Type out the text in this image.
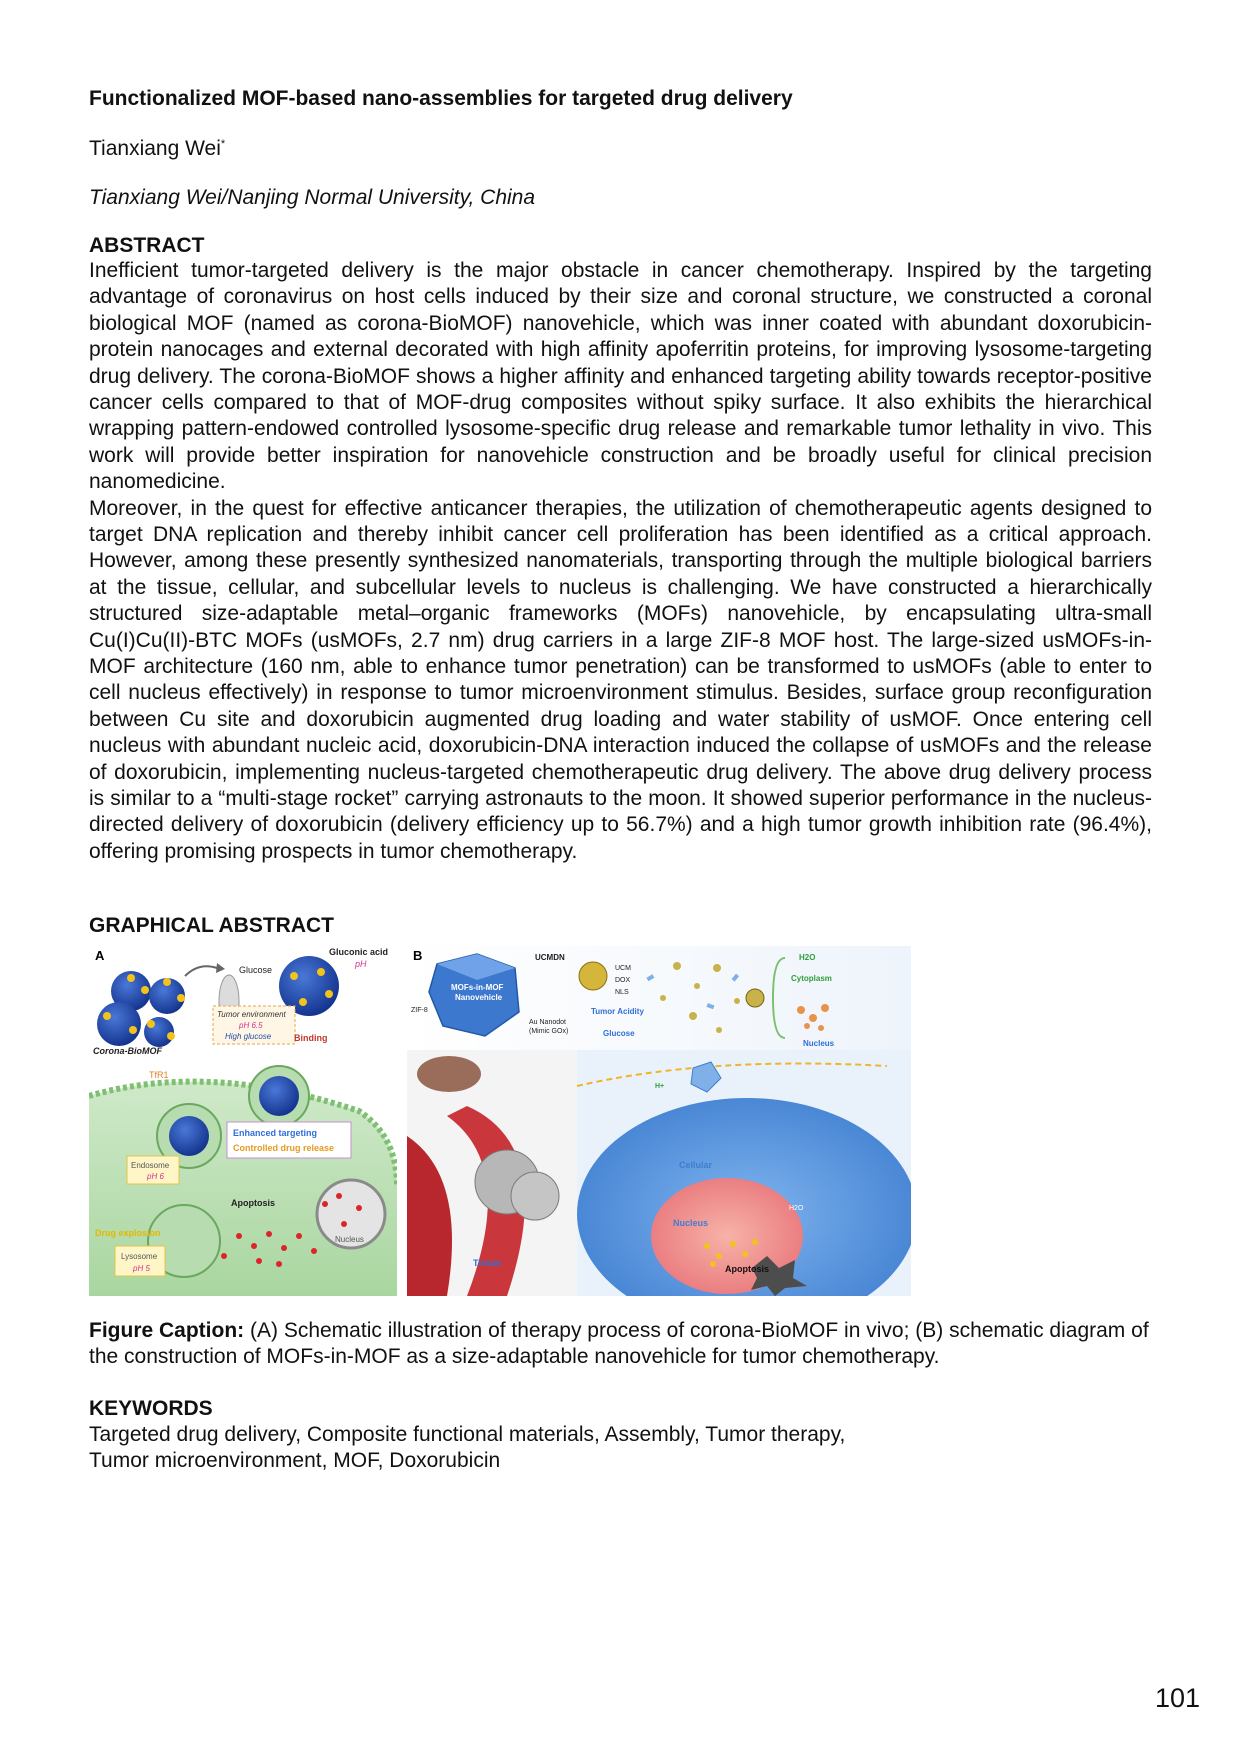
Functionalized MOF-based nano-assemblies for targeted drug delivery

Tianxiang Wei*

Tianxiang Wei/Nanjing Normal University, China

ABSTRACT

Inefficient tumor-targeted delivery is the major obstacle in cancer chemotherapy. Inspired by the targeting advantage of coronavirus on host cells induced by their size and coronal structure, we constructed a coronal biological MOF (named as corona-BioMOF) nanovehicle, which was inner coated with abundant doxorubicin-protein nanocages and external decorated with high affinity apoferritin proteins, for improving lysosome-targeting drug delivery. The corona-BioMOF shows a higher affinity and enhanced targeting ability towards receptor-positive cancer cells compared to that of MOF-drug composites without spiky surface. It also exhibits the hierarchical wrapping pattern-endowed controlled lysosome-specific drug release and remarkable tumor lethality in vivo. This work will provide better inspiration for nanovehicle construction and be broadly useful for clinical precision nanomedicine.

Moreover, in the quest for effective anticancer therapies, the utilization of chemotherapeutic agents designed to target DNA replication and thereby inhibit cancer cell proliferation has been identified as a critical approach. However, among these presently synthesized nanomaterials, transporting through the multiple biological barriers at the tissue, cellular, and subcellular levels to nucleus is challenging. We have constructed a hierarchically structured size-adaptable metal–organic frameworks (MOFs) nanovehicle, by encapsulating ultra-small Cu(I)Cu(II)-BTC MOFs (usMOFs, 2.7 nm) drug carriers in a large ZIF-8 MOF host. The large-sized usMOFs-in-MOF architecture (160 nm, able to enhance tumor penetration) can be transformed to usMOFs (able to enter to cell nucleus effectively) in response to tumor microenvironment stimulus. Besides, surface group reconfiguration between Cu site and doxorubicin augmented drug loading and water stability of usMOF. Once entering cell nucleus with abundant nucleic acid, doxorubicin-DNA interaction induced the collapse of usMOFs and the release of doxorubicin, implementing nucleus-targeted chemotherapeutic drug delivery. The above drug delivery process is similar to a “multi-stage rocket” carrying astronauts to the moon. It showed superior performance in the nucleus-directed delivery of doxorubicin (delivery efficiency up to 56.7%) and a high tumor growth inhibition rate (96.4%), offering promising prospects in tumor chemotherapy.

GRAPHICAL ABSTRACT

A
Corona-BioMOF
Glucose
Gluconic acid
pH
Tumor environment
pH 6.5
High glucose	Binding
TfR1
Enhanced targeting
Controlled drug release
Endosome
pH 6
Apoptosis
Nucleus
Drug explosion
Lysosome
pH 5
B
MOFs-in-MOF
Nanovehicle
ZIF-8
UCMDN
UCM
DOX
NLS
Au Nanodot
(Mimic GOx)
Tumor Acidity
Glucose
H2O
Cytoplasm
Nucleus
Tissue
Cellular
Nucleus
H+
H2O
Apoptosis

Figure Caption: (A) Schematic illustration of therapy process of corona-BioMOF in vivo; (B) schematic diagram of the construction of MOFs-in-MOF as a size-adaptable nanovehicle for tumor chemotherapy.

KEYWORDS

Targeted drug delivery, Composite functional materials, Assembly, Tumor therapy,

Tumor microenvironment, MOF, Doxorubicin

101
